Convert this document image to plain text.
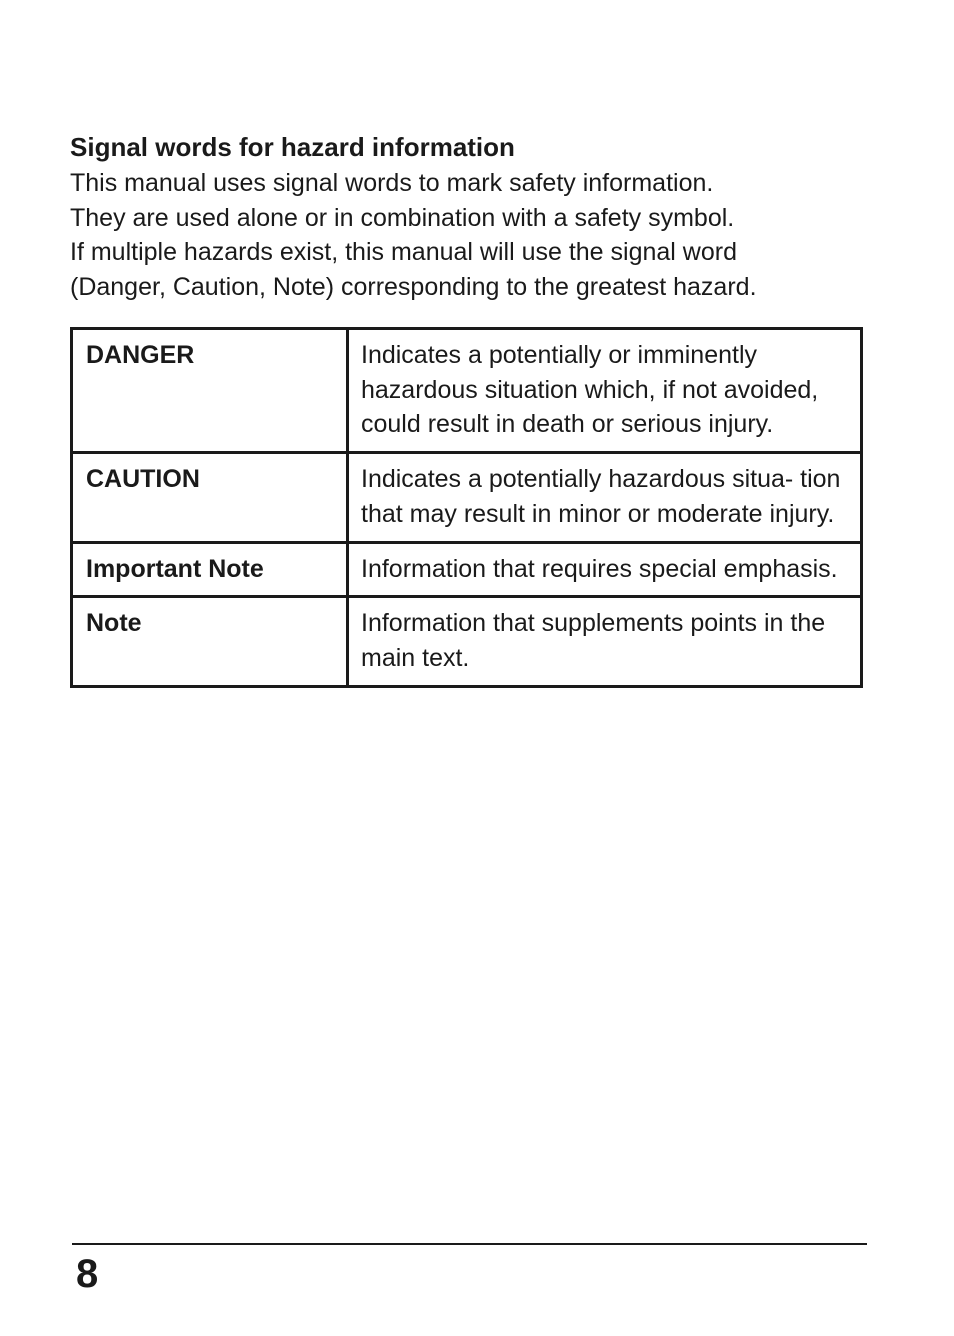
Signal words for hazard information
This manual uses signal words to mark safety information.
They are used alone or in combination with a safety symbol.
If multiple hazards exist, this manual will use the signal word
(Danger, Caution, Note) corresponding to the greatest hazard.
DANGER	Indicates a potentially or imminently hazardous situation which, if not avoided, could result in death or serious injury.
CAUTION	Indicates a potentially hazardous situa- tion that may result in minor or moderate injury.
Important Note	Information that requires special emphasis.
Note	Information that supplements points in the main text.
8
